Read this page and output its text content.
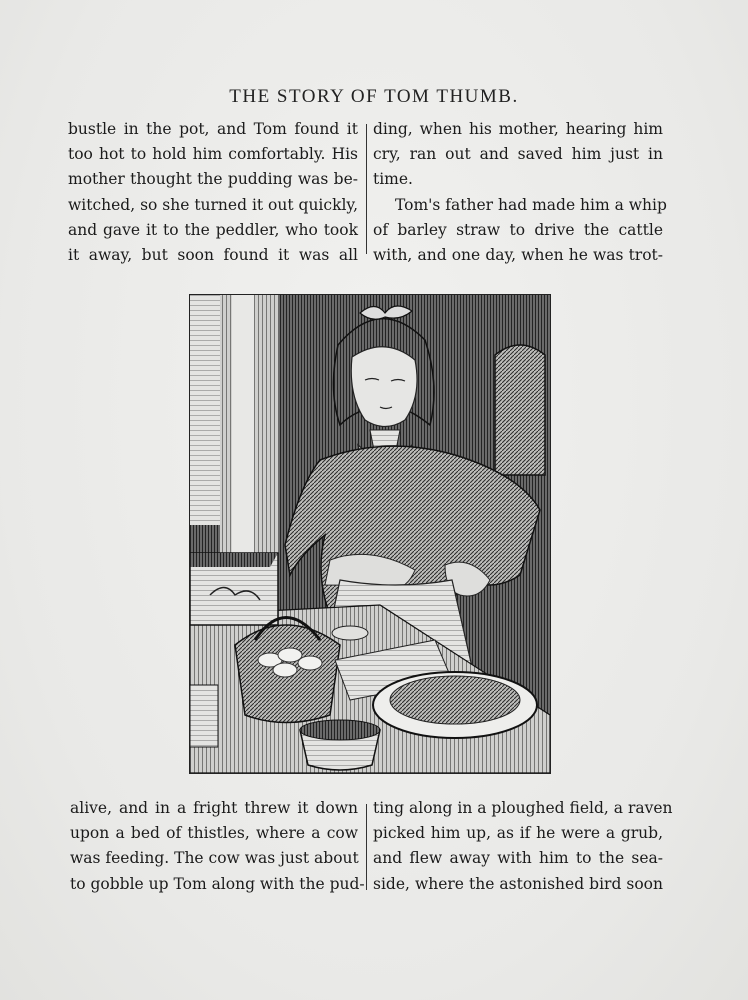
THE STORY OF TOM THUMB.
bustle in the pot, and Tom found it
too hot to hold him comfortably. His
mother thought the pudding was be-
witched, so she turned it out quickly,
and gave it to the peddler, who took
it away, but soon found it was all
ding, when his mother, hearing him
cry, ran out and saved him just in
time.
Tom's father had made him a whip
of barley straw to drive the cattle
with, and one day, when he was trot-
alive, and in a fright threw it down
upon a bed of thistles, where a cow
was feeding. The cow was just about
to gobble up Tom along with the pud-
ting along in a ploughed field, a raven
picked him up, as if he were a grub,
and flew away with him to the sea-
side, where the astonished bird soon
